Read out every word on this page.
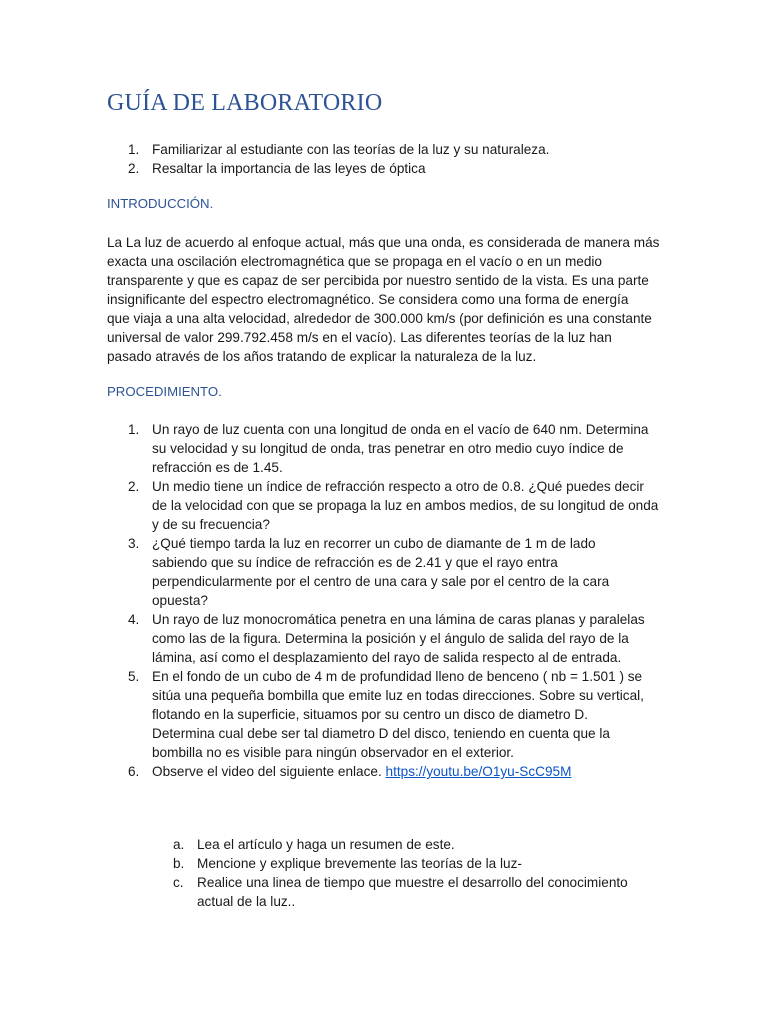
GUÍA DE LABORATORIO
1. Familiarizar al estudiante con las teorías de la luz y su naturaleza.
2. Resaltar la importancia de las leyes de óptica
INTRODUCCIÓN.
La La luz de acuerdo al enfoque actual, más que una onda, es considerada de manera más
exacta una oscilación electromagnética que se propaga en el vacío o en un medio
transparente y que es capaz de ser percibida por nuestro sentido de la vista. Es una parte
insignificante del espectro electromagnético. Se considera como una forma de energía
que viaja a una alta velocidad, alrededor de 300.000 km/s (por definición es una constante
universal de valor 299.792.458 m/s en el vacío). Las diferentes teorías de la luz han
pasado através de los años tratando de explicar la naturaleza de la luz.
PROCEDIMIENTO.
1. Un rayo de luz cuenta con una longitud de onda en el vacío de 640 nm. Determina
su velocidad y su longitud de onda, tras penetrar en otro medio cuyo índice de
refracción es de 1.45.
2. Un medio tiene un índice de refracción respecto a otro de 0.8. ¿Qué puedes decir
de la velocidad con que se propaga la luz en ambos medios, de su longitud de onda
y de su frecuencia?
3. ¿Qué tiempo tarda la luz en recorrer un cubo de diamante de 1 m de lado
sabiendo que su índice de refracción es de 2.41 y que el rayo entra
perpendicularmente por el centro de una cara y sale por el centro de la cara
opuesta?
4. Un rayo de luz monocromática penetra en una lámina de caras planas y paralelas
como las de la figura. Determina la posición y el ángulo de salida del rayo de la
lámina, así como el desplazamiento del rayo de salida respecto al de entrada.
5. En el fondo de un cubo de 4 m de profundidad lleno de benceno ( nb = 1.501 ) se
sitúa una pequeña bombilla que emite luz en todas direcciones. Sobre su vertical,
flotando en la superficie, situamos por su centro un disco de diametro D.
Determina cual debe ser tal diametro D del disco, teniendo en cuenta que la
bombilla no es visible para ningún observador en el exterior.
6. Observe el video del siguiente enlace. https://youtu.be/O1yu-ScC95M
a. Lea el artículo y haga un resumen de este.
b. Mencione y explique brevemente las teorías de la luz-
c. Realice una linea de tiempo que muestre el desarrollo del conocimiento
actual de la luz..
